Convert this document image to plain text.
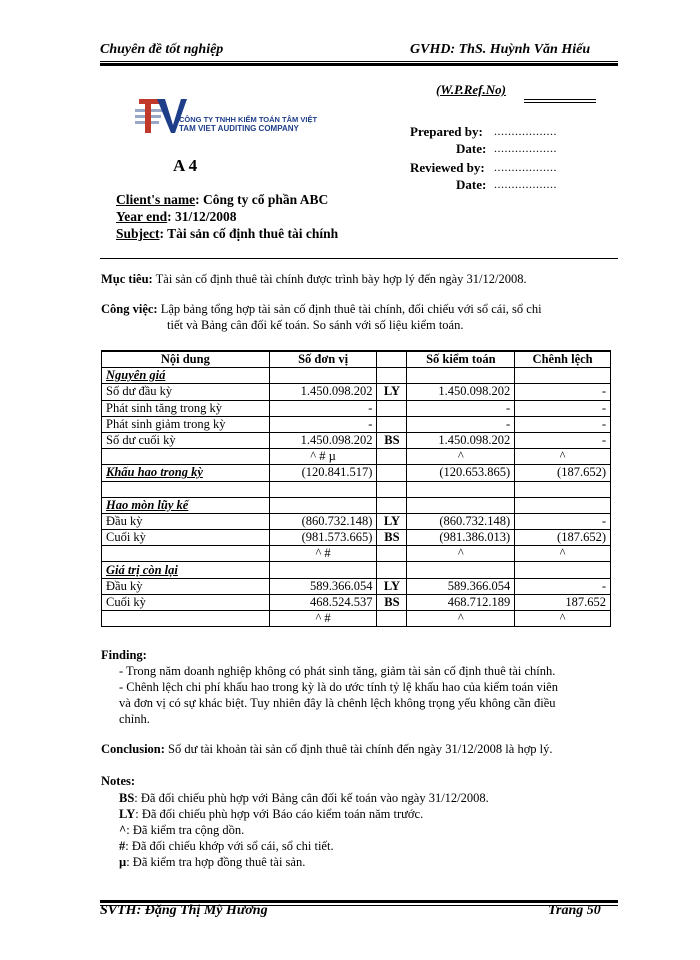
Chuyên đề tốt nghiệp	GVHD: ThS. Huỳnh Văn Hiếu
CÔNG TY TNHH KIỂM TOÁN TÂM VIỆT
TAM VIET AUDITING COMPANY
(W.P.Ref.No)
A 4
Prepared by: ..................
Date: ..................
Reviewed by: ..................
Date: ..................
Client's name: Công ty cổ phần ABC
Year end: 31/12/2008
Subject: Tài sản cố định thuê tài chính
Mục tiêu: Tài sản cố định thuê tài chính được trình bày hợp lý đến ngày 31/12/2008.
Công việc: Lập bảng tổng hợp tài sản cố định thuê tài chính, đối chiếu với sổ cái, sổ chi
tiết và Bảng cân đối kế toán. So sánh với số liệu kiểm toán.
Nội dung	Số đơn vị		Số kiểm toán	Chênh lệch
Nguyên giá				
Số dư đầu kỳ	1.450.098.202	LY	1.450.098.202	-
Phát sinh tăng trong kỳ	-		-	-
Phát sinh giảm trong kỳ	-		-	-
Số dư cuối kỳ	1.450.098.202	BS	1.450.098.202	-
	^ # µ		^	^
Khấu hao trong kỳ	(120.841.517)		(120.653.865)	(187.652)

Hao mòn lũy kế				
Đầu kỳ	(860.732.148)	LY	(860.732.148)	-
Cuối kỳ	(981.573.665)	BS	(981.386.013)	(187.652)
	^ #		^	^
Giá trị còn lại				
Đầu kỳ	589.366.054	LY	589.366.054	-
Cuối kỳ	468.524.537	BS	468.712.189	187.652
	^ #		^	^
Finding:
- Trong năm doanh nghiệp không có phát sinh tăng, giảm tài sản cố định thuê tài chính.
- Chênh lệch chi phí khấu hao trong kỳ là do ước tính tỷ lệ khấu hao của kiểm toán viên
và đơn vị có sự khác biệt. Tuy nhiên đây là chênh lệch không trọng yếu không cần điều
chỉnh.
Conclusion: Số dư tài khoản tài sản cố định thuê tài chính đến ngày 31/12/2008 là hợp lý.
Notes:
BS: Đã đối chiếu phù hợp với Bảng cân đối kế toán vào ngày 31/12/2008.
LY: Đã đối chiếu phù hợp với Báo cáo kiểm toán năm trước.
^: Đã kiểm tra cộng dồn.
#: Đã đối chiếu khớp với sổ cái, sổ chi tiết.
µ: Đã kiểm tra hợp đồng thuê tài sản.
SVTH: Đặng Thị Mỹ Hương	Trang 50
